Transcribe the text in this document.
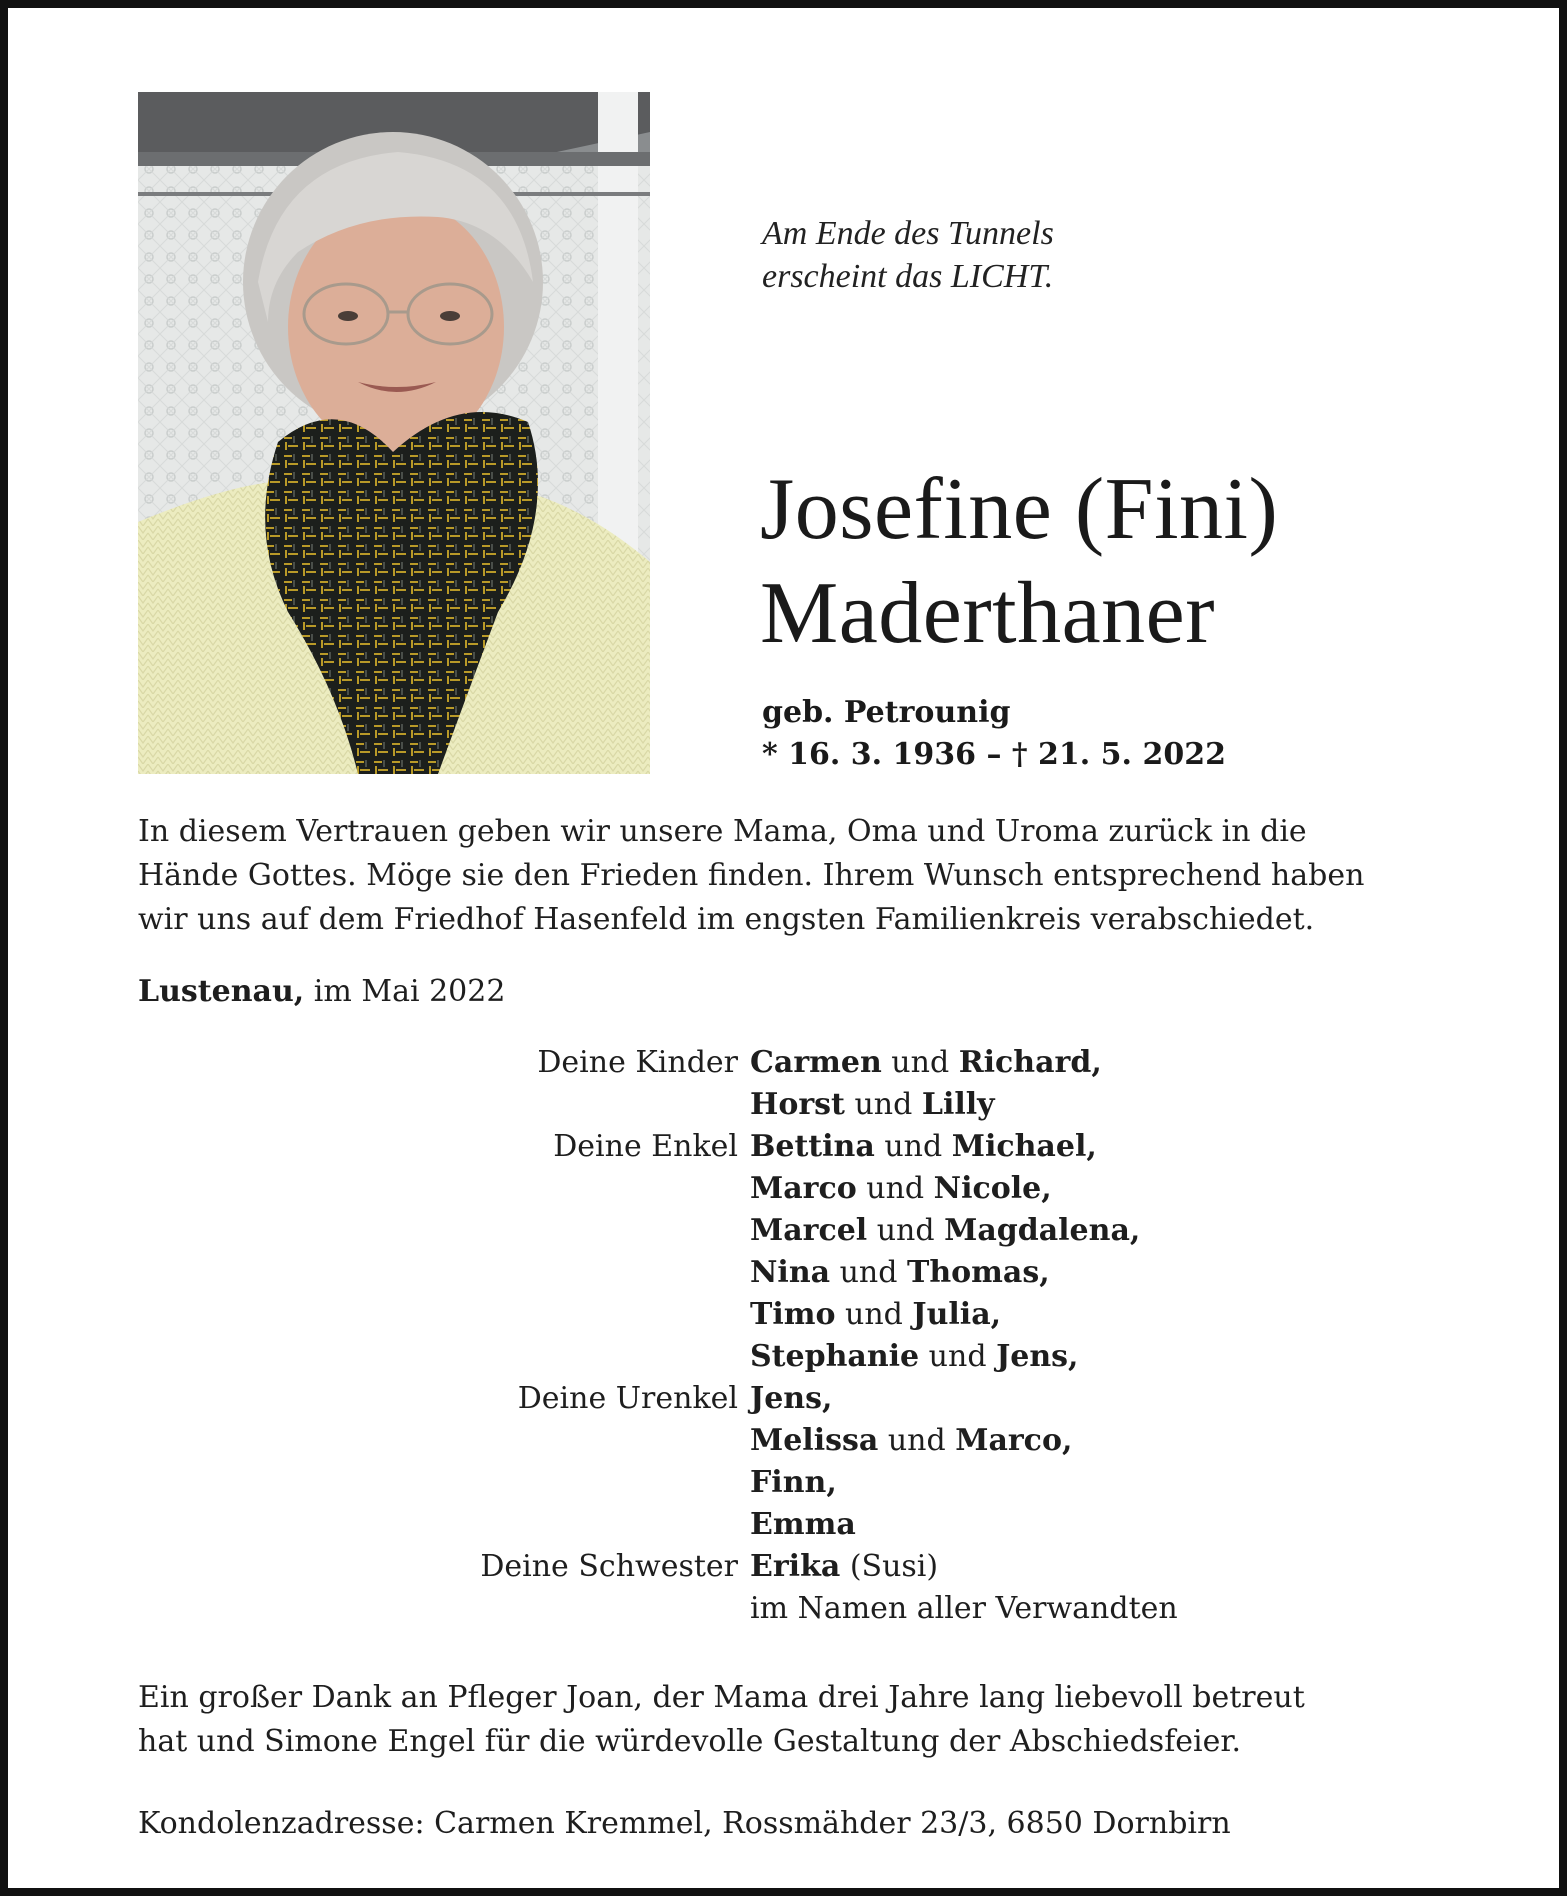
Am Ende des Tunnels
erscheint das LICHT.
Josefine (Fini)
Maderthaner
geb. Petrounig
* 16. 3. 1936 – † 21. 5. 2022
In diesem Vertrauen geben wir unsere Mama, Oma und Uroma zurück in die
Hände Gottes. Möge sie den Frieden finden. Ihrem Wunsch entsprechend haben
wir uns auf dem Friedhof Hasenfeld im engsten Familienkreis verabschiedet.
Lustenau, im Mai 2022
Deine Kinder Carmen und Richard,
Horst und Lilly
Deine Enkel Bettina und Michael,
Marco und Nicole,
Marcel und Magdalena,
Nina und Thomas,
Timo und Julia,
Stephanie und Jens,
Deine Urenkel Jens,
Melissa und Marco,
Finn,
Emma
Deine Schwester Erika (Susi)
im Namen aller Verwandten
Ein großer Dank an Pfleger Joan, der Mama drei Jahre lang liebevoll betreut
hat und Simone Engel für die würdevolle Gestaltung der Abschiedsfeier.
Kondolenzadresse: Carmen Kremmel, Rossmähder 23/3, 6850 Dornbirn
